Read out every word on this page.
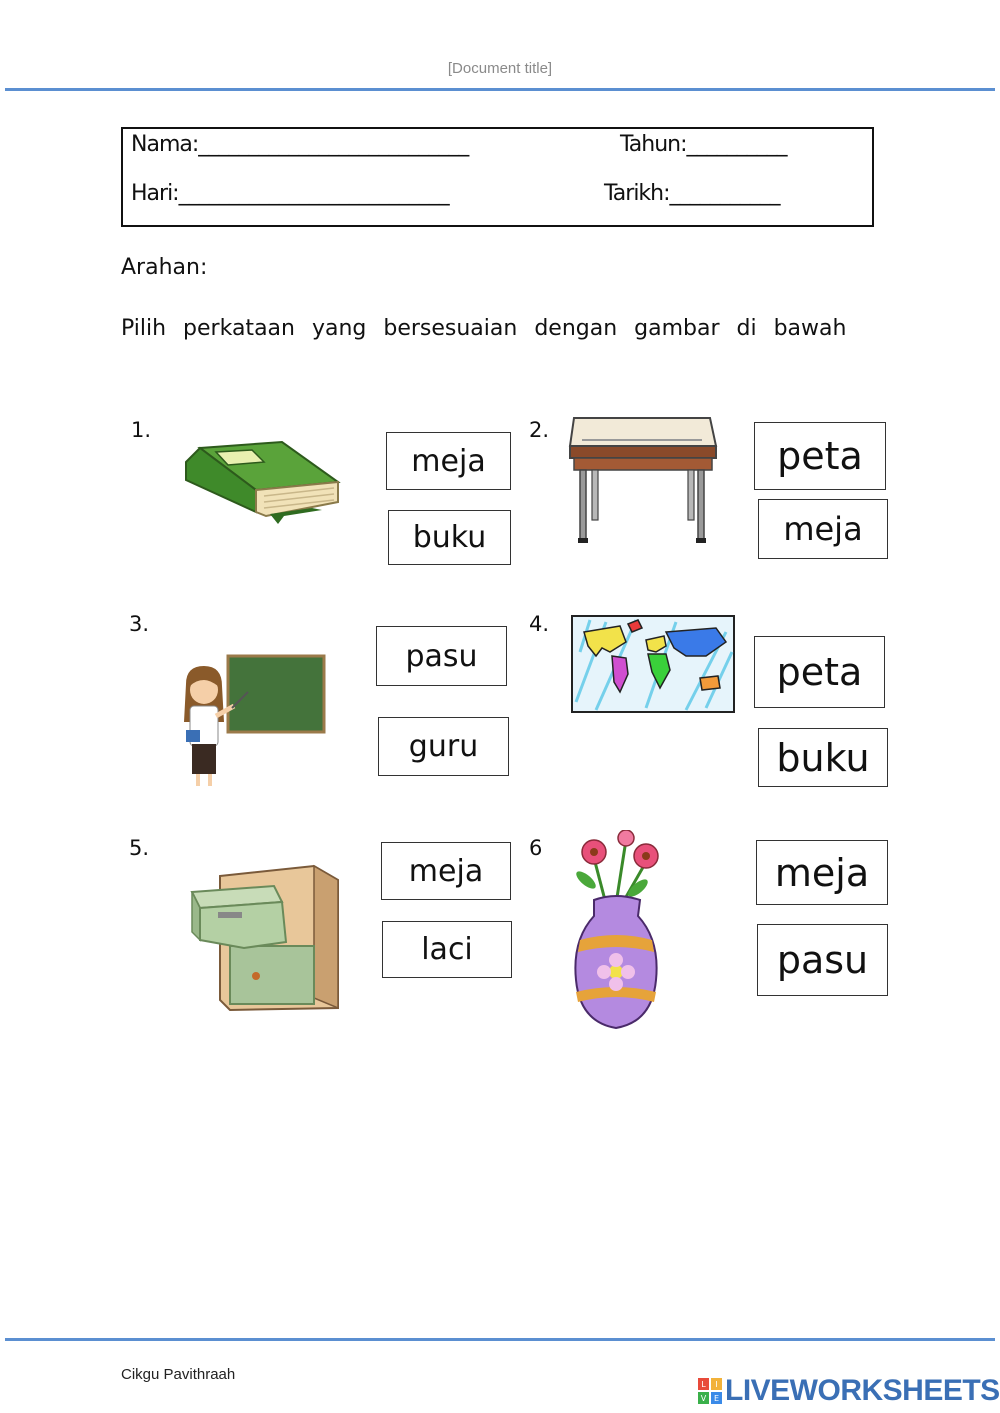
[Document title]
Nama:___________________________	Tahun:__________
Hari:___________________________	Tarikh:___________
Arahan:
Pilih perkataan yang bersesuaian dengan gambar di bawah
1.
meja
buku
2.
peta
meja
3.
pasu
guru
4.
peta
buku
5.
meja
laci
6
meja
pasu
Cikgu Pavithraah
L I
V E LIVEWORKSHEETS
